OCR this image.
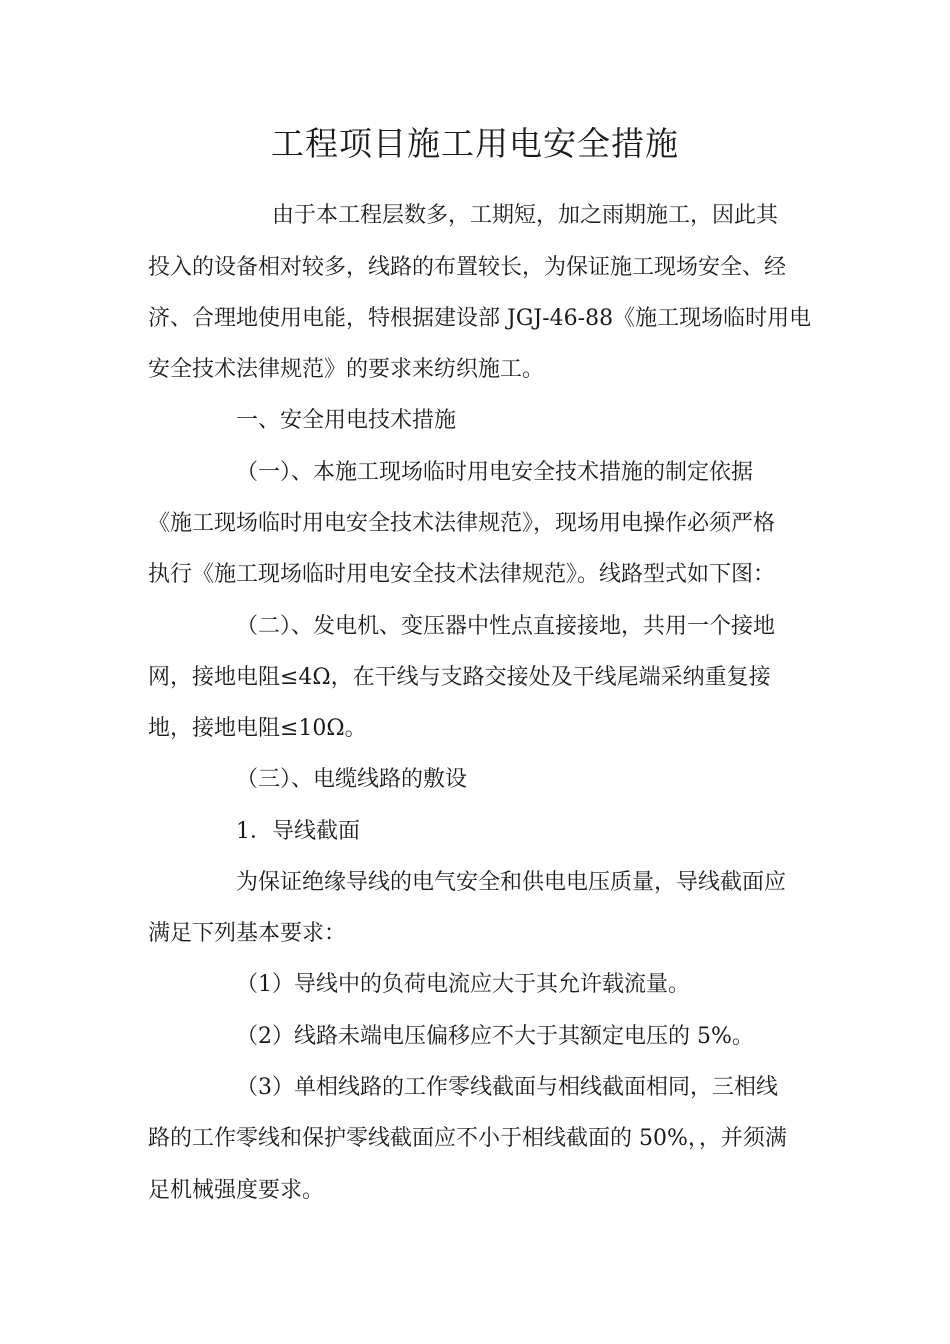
工程项目施工用电安全措施
由于本工程层数多，工期短，加之雨期施工，因此其
投入的设备相对较多，线路的布置较长，为保证施工现场安全、经
济、合理地使用电能，特根据建设部 JGJ-46-88《施工现场临时用电
安全技术法律规范》的要求来纺织施工。
一、安全用电技术措施
（一）、本施工现场临时用电安全技术措施的制定依据
《施工现场临时用电安全技术法律规范》，现场用电操作必须严格
执行《施工现场临时用电安全技术法律规范》。线路型式如下图：
（二）、发电机、变压器中性点直接接地，共用一个接地
网，接地电阻≤4Ω，在干线与支路交接处及干线尾端采纳重复接
地，接地电阻≤10Ω。
（三）、电缆线路的敷设
1．导线截面
为保证绝缘导线的电气安全和供电电压质量，导线截面应
满足下列基本要求：
（1）导线中的负荷电流应大于其允许载流量。
（2）线路未端电压偏移应不大于其额定电压的 5%。
（3）单相线路的工作零线截面与相线截面相同，三相线
路的工作零线和保护零线截面应不小于相线截面的 50%，，并须满
足机械强度要求。
